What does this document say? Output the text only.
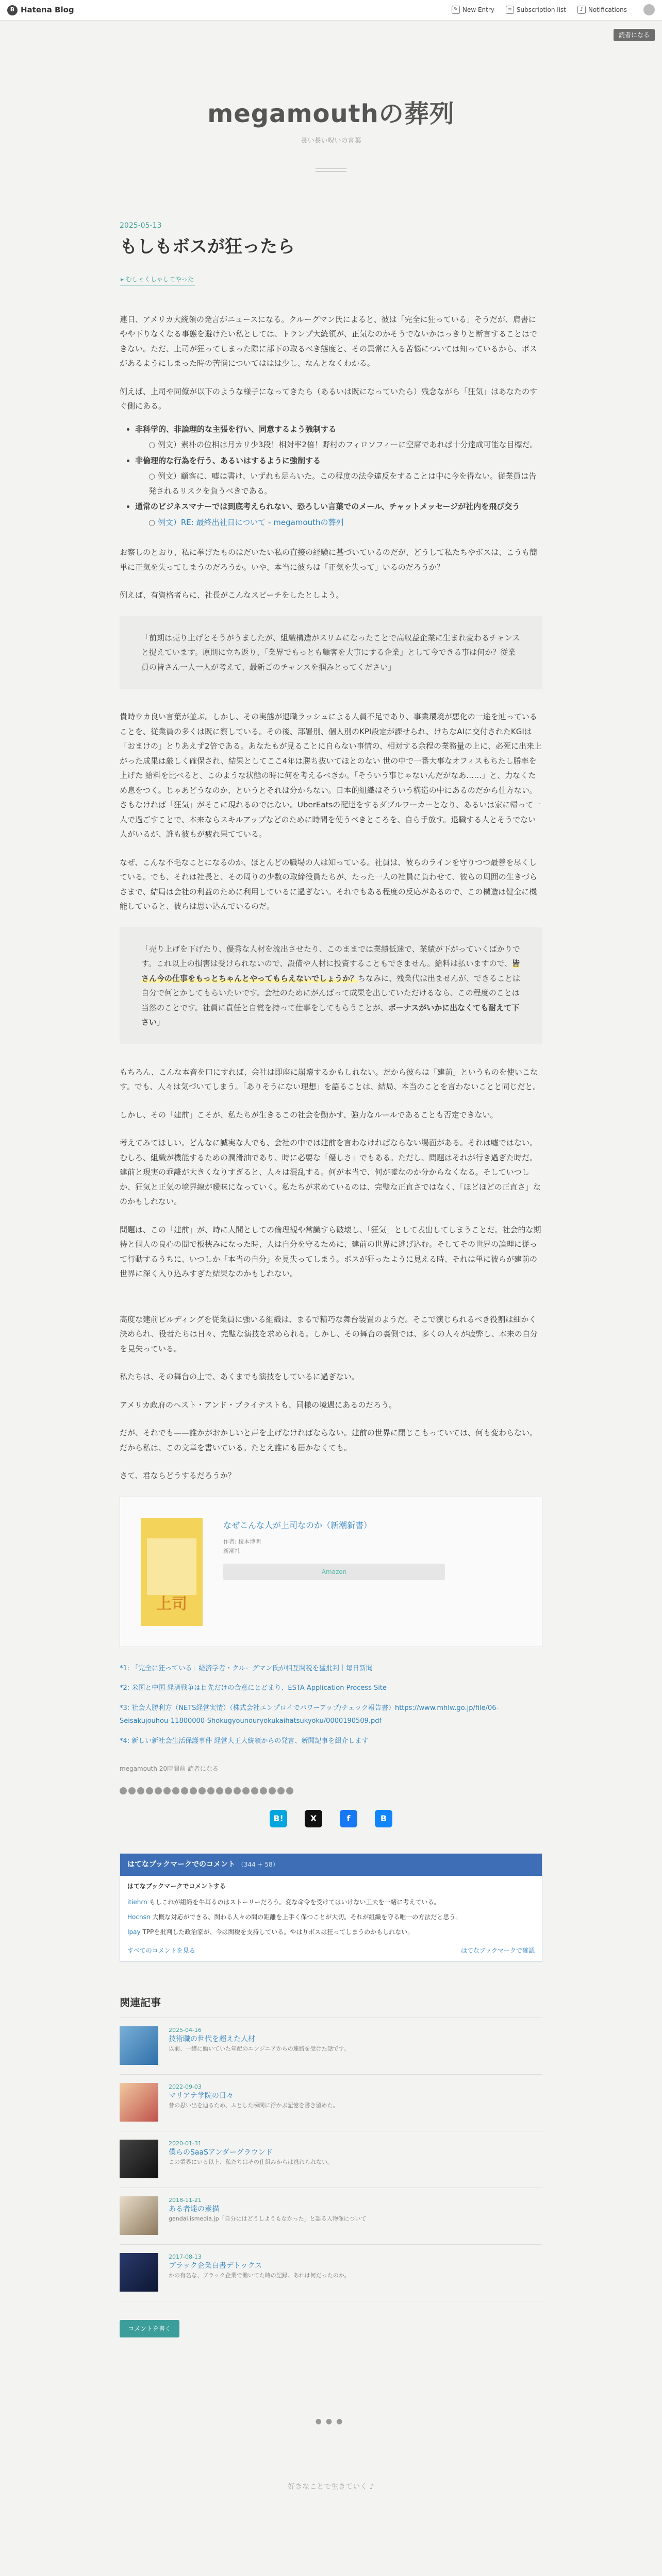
B Hatena Blog	✎ New Entry	≡ Subscription list	♪ Notifications
読者になる
megamouthの葬列

長い長い呪いの言葉

2025-05-13
もしもボスが狂ったら
▸ むしゃくしゃしてやった

連日、アメリカ大統領の発言がニュースになる。クルーグマン氏によると、彼は「完全に狂っている」そうだが、肩書にやや下りなくなる事態を避けたい私としては、トランプ大統領が、正気なのかそうでないかはっきりと断言することはできない。ただ、上司が狂ってしまった際に部下の取るべき態度と、その異常に入る苦悩については知っているから、ボスがあるようにしまった時の苦悩についてははは少し、なんとなくわかる。

例えば、上司や同僚が以下のような様子になってきたら（あるいは既になっていたら）残念ながら「狂気」はあなたのすぐ側にある。

• 非科学的、非論理的な主張を行い、同意するよう強制する
○ 例文）素朴の位相は月カリ少3段！相対率2倍！野村のフィロソフィーに空席であれば十分達成可能な目標だ。
• 非倫理的な行為を行う、あるいはするように強制する
○ 例文）顧客に、嘘は書け、いずれも足らいた。この程度の法令違反をすることは中に今を得ない。従業員は告発されるリスクを負うべきである。
• 通常のビジネスマナーでは到底考えられない、恐ろしい言葉でのメール、チャットメッセージが社内を飛び交う
○ 例文）RE: 最終出社日について - megamouthの葬列

お察しのとおり、私に挙げたものはだいたい私の直接の経験に基づいているのだが、どうして私たちやボスは、こうも簡単に正気を失ってしまうのだろうか。いや、本当に彼らは「正気を失って」いるのだろうか？

例えば、有資格者らに、社長がこんなスピーチをしたとしよう。

「前期は売り上げとそうがうましたが、組織構造がスリムになったことで高収益企業に生まれ変わるチャンスと捉えています。原則に立ち返り、「業界でもっとも顧客を大事にする企業」として今できる事は何か？従業員の皆さん一人一人が考えて、最新ごのチャンスを掴みとってください」

貴時ウカ良い言葉が並ぶ。しかし、その実態が退職ラッシュによる人員不足であり、事業環境が悪化の一途を辿っていることを、従業員の多くは既に察している。その後、部署別、個人別のKPI設定が課せられ、けちなAIに交付されたKGIは「おまけの」とりあえず2倍である。あなたもが見ることに自らない事情の、相対する余程の業務量の上に、必死に出来上がった成果は厳しく確保され、結果としてここ4年は勝ち抜いてほとのない 世の中で一番大事なオフィスもちたし勝率を上げた 給料を比べると、このような状態の時に何を考えるべきか。「そういう事じゃないんだがなあ……」と、力なくため息をつく。じゃあどうなのか、というとそれは分からない。日本的組織はそういう構造の中にあるのだから仕方ない。さもなければ「狂気」がそこに現れるのではない。UberEatsの配達をするダブルワーカーとなり、あるいは家に帰って一人で過ごすことで、本来ならスキルアップなどのために時間を使うべきところを、自ら手放す。退職する人とそうでない人がいるが、誰も彼もが疲れ果てている。

なぜ、こんな不毛なことになるのか、ほとんどの職場の人は知っている。社員は、彼らのラインを守りつつ最善を尽くしている。でも、それは社長と、その周りの少数の取締役員たちが、たった一人の社員に負わせて、彼らの周囲の生きづらさまで、結局は会社の利益のために利用しているに過ぎない。それでもある程度の反応があるので、この構造は健全に機能していると、彼らは思い込んでいるのだ。

「売り上げを下げたり、優秀な人材を流出させたり、このままでは業績低迷で、業績が下がっていくばかりです。これ以上の損害は受けられないので、設備や人材に投資することもできません。給料は払いますので、皆さん今の仕事をもっとちゃんとやってもらえないでしょうか？ちなみに、残業代は出ませんが、できることは自分で何とかしてもらいたいです。会社のためにがんばって成果を出していただけるなら、この程度のことは当然のことです。社員に責任と自覚を持って仕事をしてもらうことが、ボーナスがいかに出なくても耐えて下さい」

もちろん、こんな本音を口にすれば、会社は即座に崩壊するかもしれない。だから彼らは「建前」というものを使いこなす。でも、人々は気づいてしまう。「ありそうにない理想」を語ることは、結局、本当のことを言わないことと同じだと。

しかし、その「建前」こそが、私たちが生きるこの社会を動かす、強力なルールであることも否定できない。

考えてみてほしい。どんなに誠実な人でも、会社の中では建前を言わなければならない場面がある。それは嘘ではない。むしろ、組織が機能するための潤滑油であり、時に必要な「優しさ」でもある。ただし、問題はそれが行き過ぎた時だ。建前と現実の乖離が大きくなりすぎると、人々は混乱する。何が本当で、何が嘘なのか分からなくなる。そしていつしか、狂気と正気の境界線が曖昧になっていく。私たちが求めているのは、完璧な正直さではなく、「ほどほどの正直さ」なのかもしれない。

問題は、この「建前」が、時に人間としての倫理観や常識すら破壊し、「狂気」として表出してしまうことだ。社会的な期待と個人の良心の間で板挟みになった時、人は自分を守るために、建前の世界に逃げ込む。そしてその世界の論理に従って行動するうちに、いつしか「本当の自分」を見失ってしまう。ボスが狂ったように見える時、それは単に彼らが建前の世界に深く入り込みすぎた結果なのかもしれない。

高度な建前ビルディングを従業員に強いる組織は、まるで精巧な舞台装置のようだ。そこで演じられるべき役割は細かく決められ、役者たちは日々、完璧な演技を求められる。しかし、その舞台の裏側では、多くの人々が疲弊し、本来の自分を見失っている。

私たちは、その舞台の上で、あくまでも演技をしているに過ぎない。

アメリカ政府のヘスト・アンド・ブライテストも、同様の境遇にあるのだろう。

だが、それでも——誰かがおかしいと声を上げなければならない。建前の世界に閉じこもっていては、何も変わらない。だから私は、この文章を書いている。たとえ誰にも届かなくても。

さて、君ならどうするだろうか？

上司
なぜこんな人が上司なのか（新潮新書）
作者: 榎本博明
新潮社
Amazon

*1: 「完全に狂っている」経済学者・クルーグマン氏が相互関税を猛批判｜毎日新聞

*2: 米国と中国 経済戦争は目先だけの合意にとどまり、ESTA Application Process Site

*3: 社会人勝利方（NETS経営実情）（株式会社エンプロイでパワーアップ/チェック報告書）https://www.mhlw.go.jp/file/06-Seisakujouhou-11800000-Shokugyounouryokukaihatsukyoku/0000190509.pdf

*4: 新しい新社会生活保護事件 経営大王大統領からの発言、新聞記事を紹介します

megamouth 20時間前 読者になる
B!	X	f	B
はてなブックマークでのコメント （344 + 58）
はてなブックマークでコメントする
itiehrn もしこれが組織を牛耳るのはストーリーだろう。変な命令を受けてはいけない工夫を一緒に考えている。
Hocnsn 大概な対応ができる、関わる人々の間の距離を上手く保つことが大切。それが組織を守る唯一の方法だと思う。
Ipay TPPを批判した政治家が、今は関税を支持している。やはりボスは狂ってしまうのかもしれない。
すべてのコメントを見る	はてなブックマークで確認
関連記事
2025-04-16
技術職の世代を超えた人材
以前、一緒に働いていた年配のエンジニアからの連絡を受けた話です。
2022-09-03
マリアナ学院の日々
昔の思い出を辿るため、ふとした瞬間に浮かぶ記憶を書き留めた。
2020-01-31
僕らのSaaSアンダーグラウンド
この業界にいる以上、私たちはその仕組みからは逃れられない。
2018-11-21
ある者達の素描
gendai.ismedia.jp「自分にはどうしようもなかった」と語る人物像について
2017-08-13
ブラック企業白書デトックス
かの有名な、ブラック企業で働いてた時の記録。あれは何だったのか。
コメントを書く
●●●
好きなことで生きていく ♪
